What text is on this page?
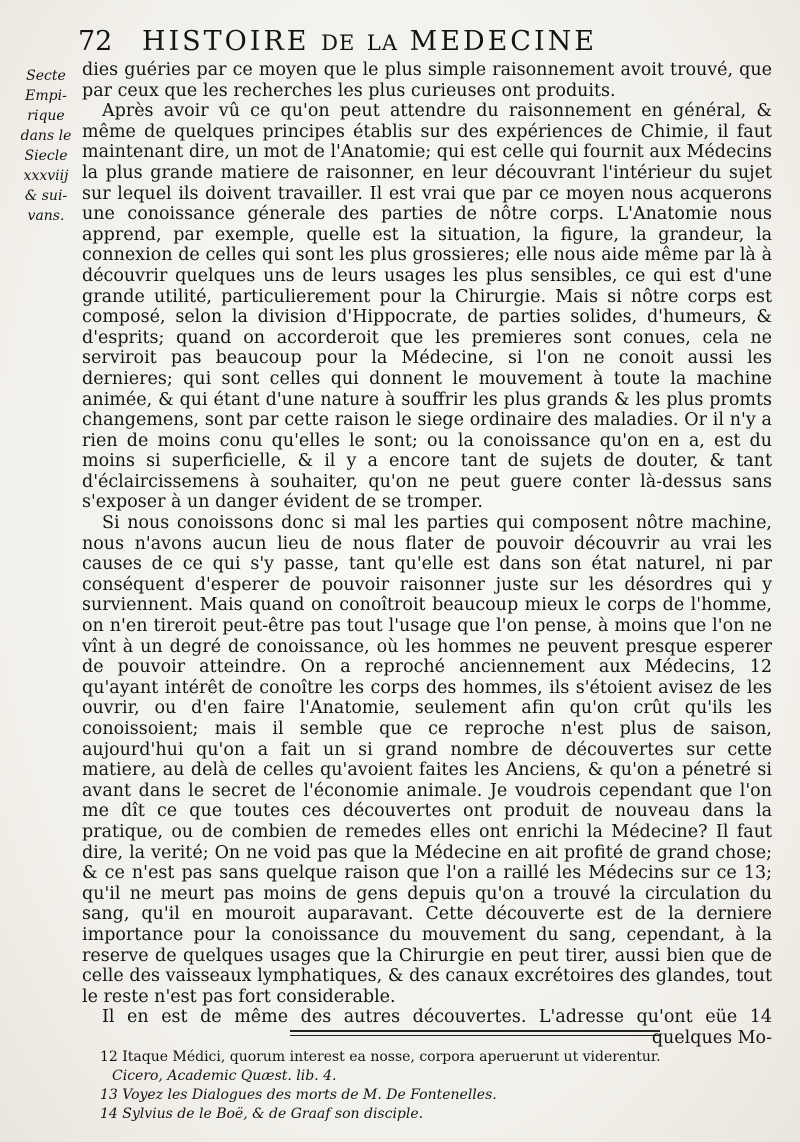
72 HISTOIRE DE LA MEDECINE
Secte
Empi-
rique
dans le
Siecle
xxxviij
& sui-
vans.

dies guéries par ce moyen que le plus simple raisonnement avoit trouvé, que par ceux que les recherches les plus curieuses ont produits.

Après avoir vû ce qu'on peut attendre du raisonnement en général, & même de quelques principes établis sur des expériences de Chimie, il faut maintenant dire, un mot de l'Anatomie; qui est celle qui fournit aux Médecins la plus grande matiere de raisonner, en leur découvrant l'intérieur du sujet sur lequel ils doivent travailler. Il est vrai que par ce moyen nous acquerons une conoissance génerale des parties de nôtre corps. L'Anatomie nous apprend, par exemple, quelle est la situation, la figure, la grandeur, la connexion de celles qui sont les plus grossieres; elle nous aide même par là à découvrir quelques uns de leurs usages les plus sensibles, ce qui est d'une grande utilité, particulierement pour la Chirurgie. Mais si nôtre corps est composé, selon la division d'Hippocrate, de parties solides, d'humeurs, & d'esprits; quand on accorderoit que les premieres sont conues, cela ne serviroit pas beaucoup pour la Médecine, si l'on ne conoit aussi les dernieres; qui sont celles qui donnent le mouvement à toute la machine animée, & qui étant d'une nature à souffrir les plus grands & les plus promts changemens, sont par cette raison le siege ordinaire des maladies. Or il n'y a rien de moins conu qu'elles le sont; ou la conoissance qu'on en a, est du moins si superficielle, & il y a encore tant de sujets de douter, & tant d'éclaircissemens à souhaiter, qu'on ne peut guere conter là-dessus sans s'exposer à un danger évident de se tromper.

Si nous conoissons donc si mal les parties qui composent nôtre machine, nous n'avons aucun lieu de nous flater de pouvoir découvrir au vrai les causes de ce qui s'y passe, tant qu'elle est dans son état naturel, ni par conséquent d'esperer de pouvoir raisonner juste sur les désordres qui y surviennent. Mais quand on conoîtroit beaucoup mieux le corps de l'homme, on n'en tireroit peut-être pas tout l'usage que l'on pense, à moins que l'on ne vînt à un degré de conoissance, où les hommes ne peuvent presque esperer de pouvoir atteindre. On a reproché anciennement aux Médecins, 12 qu'ayant intérêt de conoître les corps des hommes, ils s'étoient avisez de les ouvrir, ou d'en faire l'Anatomie, seulement afin qu'on crût qu'ils les conoissoient; mais il semble que ce reproche n'est plus de saison, aujourd'hui qu'on a fait un si grand nombre de découvertes sur cette matiere, au delà de celles qu'avoient faites les Anciens, & qu'on a pénetré si avant dans le secret de l'économie animale. Je voudrois cependant que l'on me dît ce que toutes ces découvertes ont produit de nouveau dans la pratique, ou de combien de remedes elles ont enrichi la Médecine? Il faut dire, la verité; On ne void pas que la Médecine en ait profité de grand chose; & ce n'est pas sans quelque raison que l'on a raillé les Médecins sur ce 13; qu'il ne meurt pas moins de gens depuis qu'on a trouvé la circulation du sang, qu'il en mouroit auparavant. Cette découverte est de la derniere importance pour la conoissance du mouvement du sang, cependant, à la reserve de quelques usages que la Chirurgie en peut tirer, aussi bien que de celle des vaisseaux lymphatiques, & des canaux excrétoires des glandes, tout le reste n'est pas fort considerable.

Il en est de même des autres découvertes. L'adresse qu'ont eüe 14 quelques Mo-

12 Itaque Médici, quorum interest ea nosse, corpora aperuerunt ut viderentur.

Cicero, Academic Quæst. lib. 4.

13 Voyez les Dialogues des morts de M. De Fontenelles.

14 Sylvius de le Boë, & de Graaf son disciple.
